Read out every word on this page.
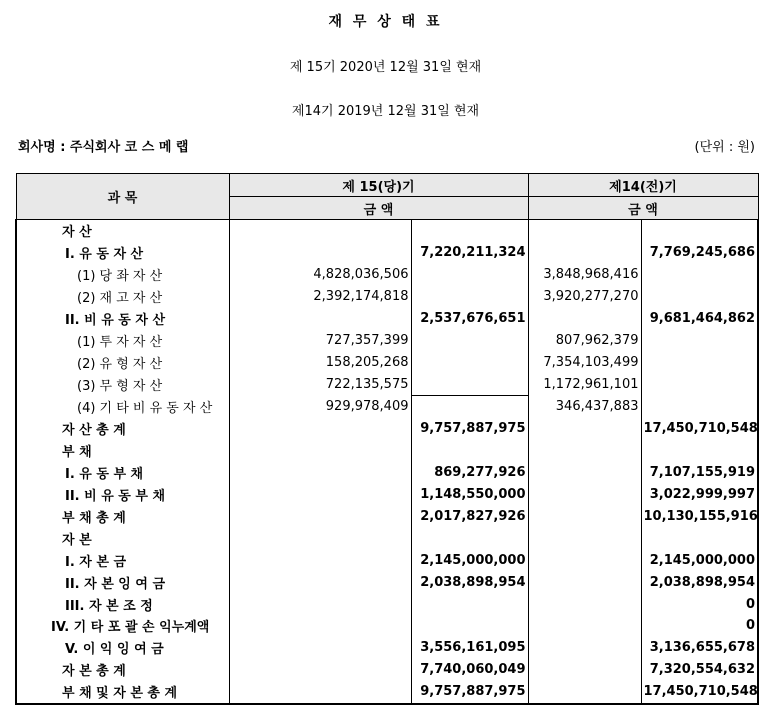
재 무 상 태 표
제 15기 2020년 12월 31일 현재
제14기 2019년 12월 31일 현재
회사명 : 주식회사 코 스 메 랩	(단위 : 원)
과 목	제 15(당)기		제14(전)기	
	금 액		금 액	
자 산				
I. 유 동 자 산		7,220,211,324		7,769,245,686
(1) 당 좌 자 산	4,828,036,506		3,848,968,416	
(2) 재 고 자 산	2,392,174,818		3,920,277,270	
II. 비 유 동 자 산		2,537,676,651		9,681,464,862
(1) 투 자 자 산	727,357,399		807,962,379	
(2) 유 형 자 산	158,205,268		7,354,103,499	
(3) 무 형 자 산	722,135,575		1,172,961,101	
(4) 기 타 비 유 동 자 산	929,978,409		346,437,883	
자 산 총 계		9,757,887,975		17,450,710,548
부 채				
I. 유 동 부 채		869,277,926		7,107,155,919
II. 비 유 동 부 채		1,148,550,000		3,022,999,997
부 채 총 계		2,017,827,926		10,130,155,916
자 본				
I. 자 본 금		2,145,000,000		2,145,000,000
II. 자 본 잉 여 금		2,038,898,954		2,038,898,954
III. 자 본 조 정				0
IV. 기 타 포 괄 손 익누계액				0
V. 이 익 잉 여 금		3,556,161,095		3,136,655,678
자 본 총 계		7,740,060,049		7,320,554,632
부 채 및 자 본 총 계		9,757,887,975		17,450,710,548
